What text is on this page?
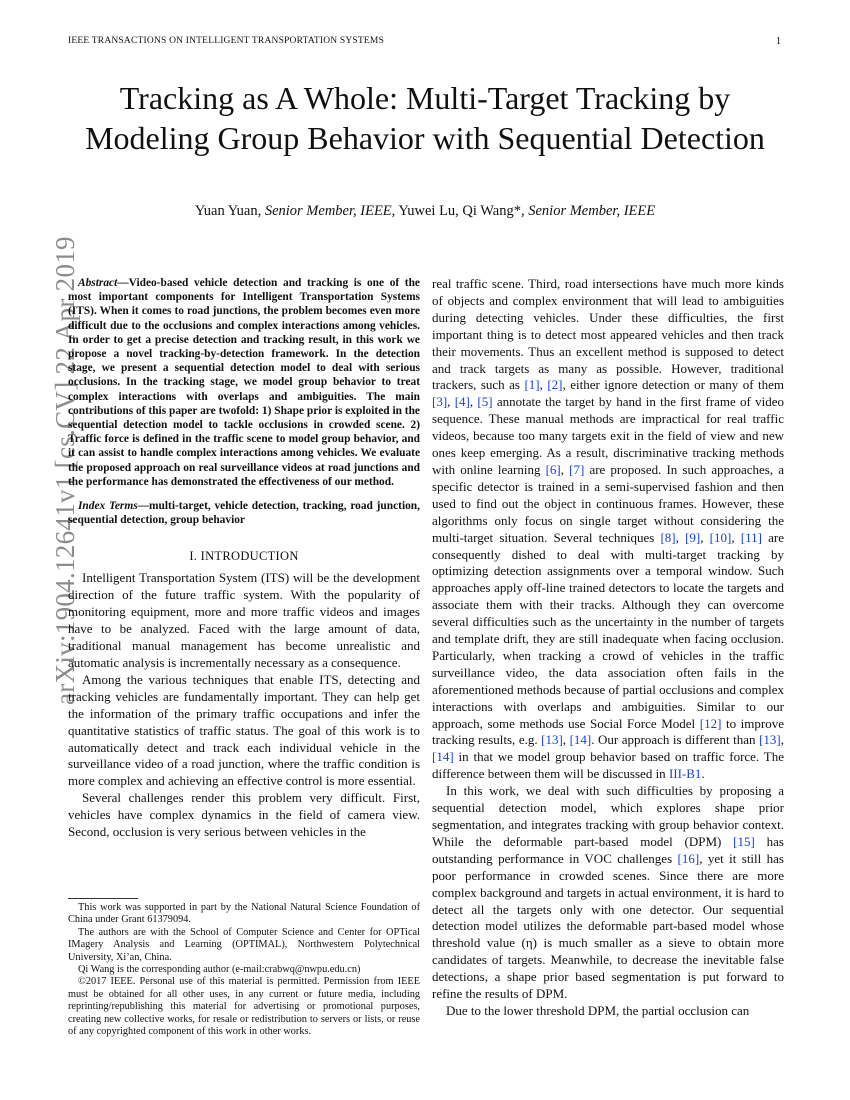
IEEE TRANSACTIONS ON INTELLIGENT TRANSPORTATION SYSTEMS	1
Tracking as A Whole: Multi-Target Tracking by Modeling Group Behavior with Sequential Detection
Yuan Yuan, Senior Member, IEEE, Yuwei Lu, Qi Wang*, Senior Member, IEEE
arXiv:1904.12641v1 [cs.CV] 22 Apr 2019

Abstract—Video-based vehicle detection and tracking is one of the most important components for Intelligent Transportation Systems (ITS). When it comes to road junctions, the problem becomes even more difficult due to the occlusions and complex interactions among vehicles. In order to get a precise detection and tracking result, in this work we propose a novel tracking-by-detection framework. In the detection stage, we present a sequential detection model to deal with serious occlusions. In the tracking stage, we model group behavior to treat complex interactions with overlaps and ambiguities. The main contributions of this paper are twofold: 1) Shape prior is exploited in the sequential detection model to tackle occlusions in crowded scene. 2) Traffic force is defined in the traffic scene to model group behavior, and it can assist to handle complex interactions among vehicles. We evaluate the proposed approach on real surveillance videos at road junctions and the performance has demonstrated the effectiveness of our method.

Index Terms—multi-target, vehicle detection, tracking, road junction, sequential detection, group behavior

I. INTRODUCTION

Intelligent Transportation System (ITS) will be the development direction of the future traffic system. With the popularity of monitoring equipment, more and more traffic videos and images have to be analyzed. Faced with the large amount of data, traditional manual management has become unrealistic and automatic analysis is incrementally necessary as a consequence.

Among the various techniques that enable ITS, detecting and tracking vehicles are fundamentally important. They can help get the information of the primary traffic occupations and infer the quantitative statistics of traffic status. The goal of this work is to automatically detect and track each individual vehicle in the surveillance video of a road junction, where the traffic condition is more complex and achieving an effective control is more essential.

Several challenges render this problem very difficult. First, vehicles have complex dynamics in the field of camera view. Second, occlusion is very serious between vehicles in the

This work was supported in part by the National Natural Science Foundation of China under Grant 61379094.

The authors are with the School of Computer Science and Center for OPTical IMagery Analysis and Learning (OPTIMAL), Northwestern Polytechnical University, Xi’an, China.

Qi Wang is the corresponding author (e-mail:crabwq@nwpu.edu.cn)

©2017 IEEE. Personal use of this material is permitted. Permission from IEEE must be obtained for all other uses, in any current or future media, including reprinting/republishing this material for advertising or promotional purposes, creating new collective works, for resale or redistribution to servers or lists, or reuse of any copyrighted component of this work in other works.

real traffic scene. Third, road intersections have much more kinds of objects and complex environment that will lead to ambiguities during detecting vehicles. Under these difficulties, the first important thing is to detect most appeared vehicles and then track their movements. Thus an excellent method is supposed to detect and track targets as many as possible. However, traditional trackers, such as [1], [2], either ignore detection or many of them [3], [4], [5] annotate the target by hand in the first frame of video sequence. These manual methods are impractical for real traffic videos, because too many targets exit in the field of view and new ones keep emerging. As a result, discriminative tracking methods with online learning [6], [7] are proposed. In such approaches, a specific detector is trained in a semi-supervised fashion and then used to find out the object in continuous frames. However, these algorithms only focus on single target without considering the multi-target situation. Several techniques [8], [9], [10], [11] are consequently dished to deal with multi-target tracking by optimizing detection assignments over a temporal window. Such approaches apply off-line trained detectors to locate the targets and associate them with their tracks. Although they can overcome several difficulties such as the uncertainty in the number of targets and template drift, they are still inadequate when facing occlusion. Particularly, when tracking a crowd of vehicles in the traffic surveillance video, the data association often fails in the aforementioned methods because of partial occlusions and complex interactions with overlaps and ambiguities. Similar to our approach, some methods use Social Force Model [12] to improve tracking results, e.g. [13], [14]. Our approach is different than [13], [14] in that we model group behavior based on traffic force. The difference between them will be discussed in III-B1.

In this work, we deal with such difficulties by proposing a sequential detection model, which explores shape prior segmentation, and integrates tracking with group behavior context. While the deformable part-based model (DPM) [15] has outstanding performance in VOC challenges [16], yet it still has poor performance in crowded scenes. Since there are more complex background and targets in actual environment, it is hard to detect all the targets only with one detector. Our sequential detection model utilizes the deformable part-based model whose threshold value (η) is much smaller as a sieve to obtain more candidates of targets. Meanwhile, to decrease the inevitable false detections, a shape prior based segmentation is put forward to refine the results of DPM.

Due to the lower threshold DPM, the partial occlusion can
